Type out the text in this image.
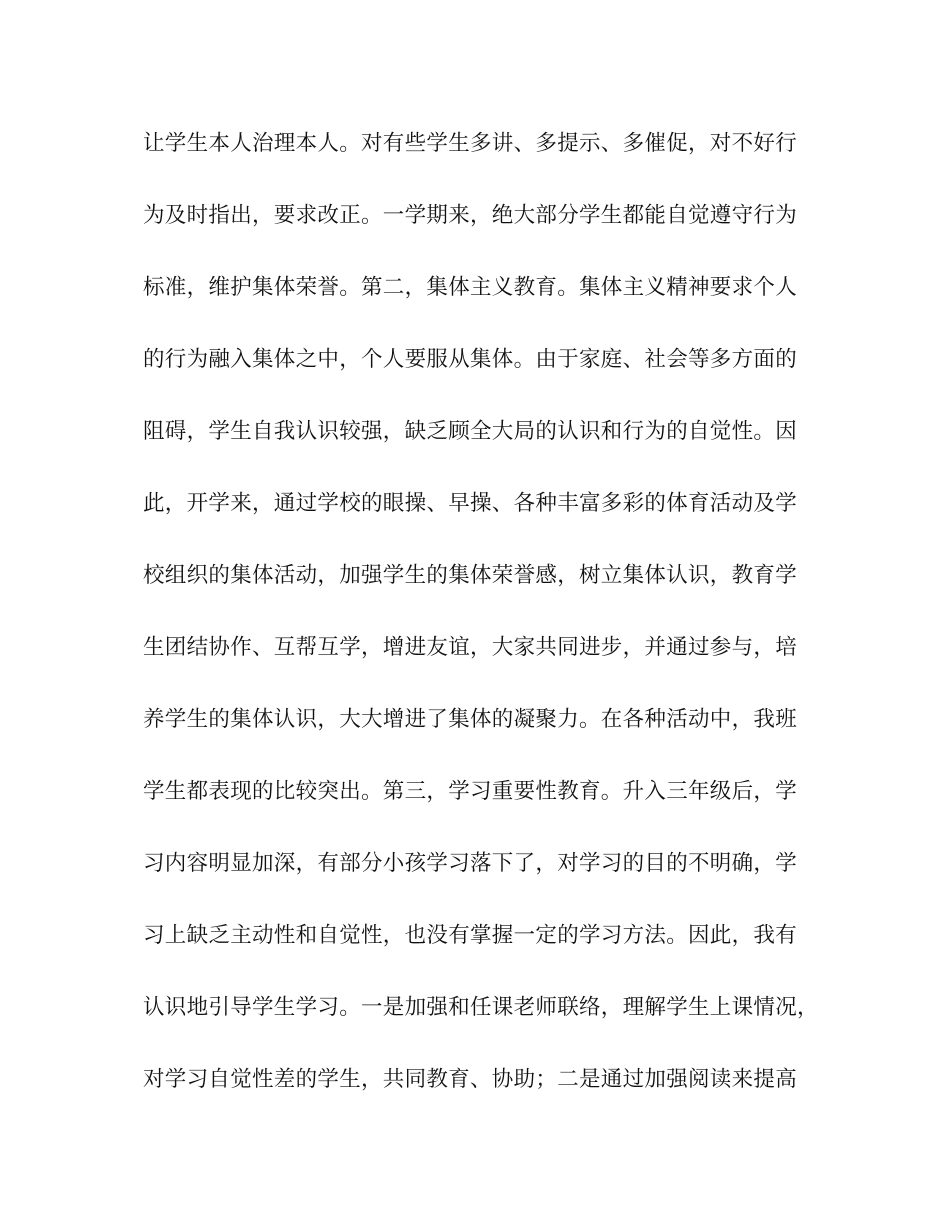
让学生本人治理本人。对有些学生多讲、多提示、多催促，对不好行
为及时指出，要求改正。一学期来，绝大部分学生都能自觉遵守行为
标准，维护集体荣誉。第二，集体主义教育。集体主义精神要求个人
的行为融入集体之中，个人要服从集体。由于家庭、社会等多方面的
阻碍，学生自我认识较强，缺乏顾全大局的认识和行为的自觉性。因
此，开学来，通过学校的眼操、早操、各种丰富多彩的体育活动及学
校组织的集体活动，加强学生的集体荣誉感，树立集体认识，教育学
生团结协作、互帮互学，增进友谊，大家共同进步，并通过参与，培
养学生的集体认识，大大增进了集体的凝聚力。在各种活动中，我班
学生都表现的比较突出。第三，学习重要性教育。升入三年级后，学
习内容明显加深，有部分小孩学习落下了，对学习的目的不明确，学
习上缺乏主动性和自觉性，也没有掌握一定的学习方法。因此，我有
认识地引导学生学习。一是加强和任课老师联络，理解学生上课情况，
对学习自觉性差的学生，共同教育、协助；二是通过加强阅读来提高
